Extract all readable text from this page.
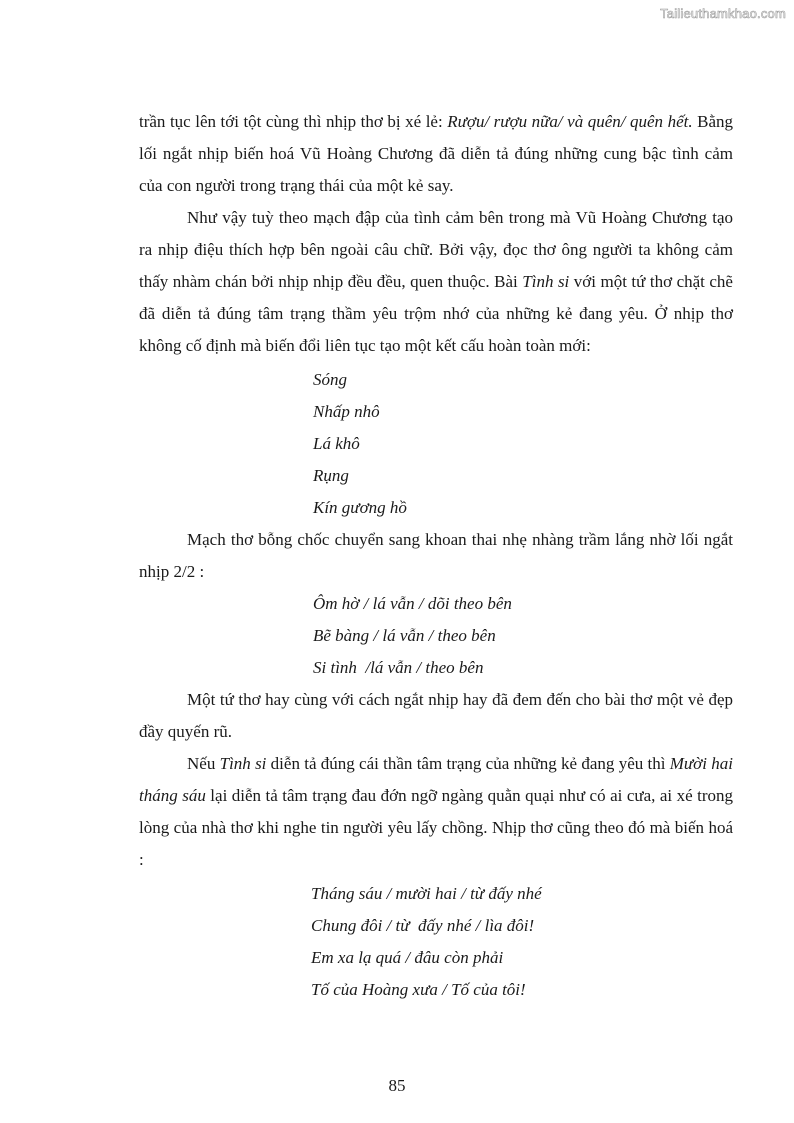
Tailieuthamkhao.com

trần tục lên tới tột cùng thì nhịp thơ bị xé lẻ: Rượu/ rượu nữa/ và quên/ quên hết. Bằng lối ngắt nhịp biến hoá Vũ Hoàng Chương đã diễn tả đúng những cung bậc tình cảm của con người trong trạng thái của một kẻ say.

Như vậy tuỳ theo mạch đập của tình cảm bên trong mà Vũ Hoàng Chương tạo ra nhịp điệu thích hợp bên ngoài câu chữ. Bởi vậy, đọc thơ ông người ta không cảm thấy nhàm chán bởi nhịp nhịp đều đều, quen thuộc. Bài Tình si với một tứ thơ chặt chẽ đã diễn tả đúng tâm trạng thầm yêu trộm nhớ của những kẻ đang yêu. Ở nhịp thơ không cố định mà biến đổi liên tục tạo một kết cấu hoàn toàn mới:

Sóng
Nhấp nhô
Lá khô
Rụng
Kín gương hồ

Mạch thơ bỗng chốc chuyển sang khoan thai nhẹ nhàng trầm lắng nhờ lối ngắt nhịp 2/2 :

Ôm hờ / lá vẫn / dõi theo bên
Bẽ bàng / lá vẫn / theo bên
Si tình  /lá vẫn / theo bên

Một tứ thơ hay cùng với cách ngắt nhịp hay đã đem đến cho bài thơ một vẻ đẹp đầy quyến rũ.

Nếu Tình si diễn tả đúng cái thần tâm trạng của những kẻ đang yêu thì Mười hai tháng sáu lại diễn tả tâm trạng đau đớn ngỡ ngàng quằn quại như có ai cưa, ai xé trong lòng của nhà thơ khi nghe tin người yêu lấy chồng. Nhịp thơ cũng theo đó mà biến hoá :

Tháng sáu / mười hai / từ đấy nhé
Chung đôi / từ  đấy nhé / lìa đôi!
Em xa lạ quá / đâu còn phải
Tố của Hoàng xưa / Tố của tôi!
85
